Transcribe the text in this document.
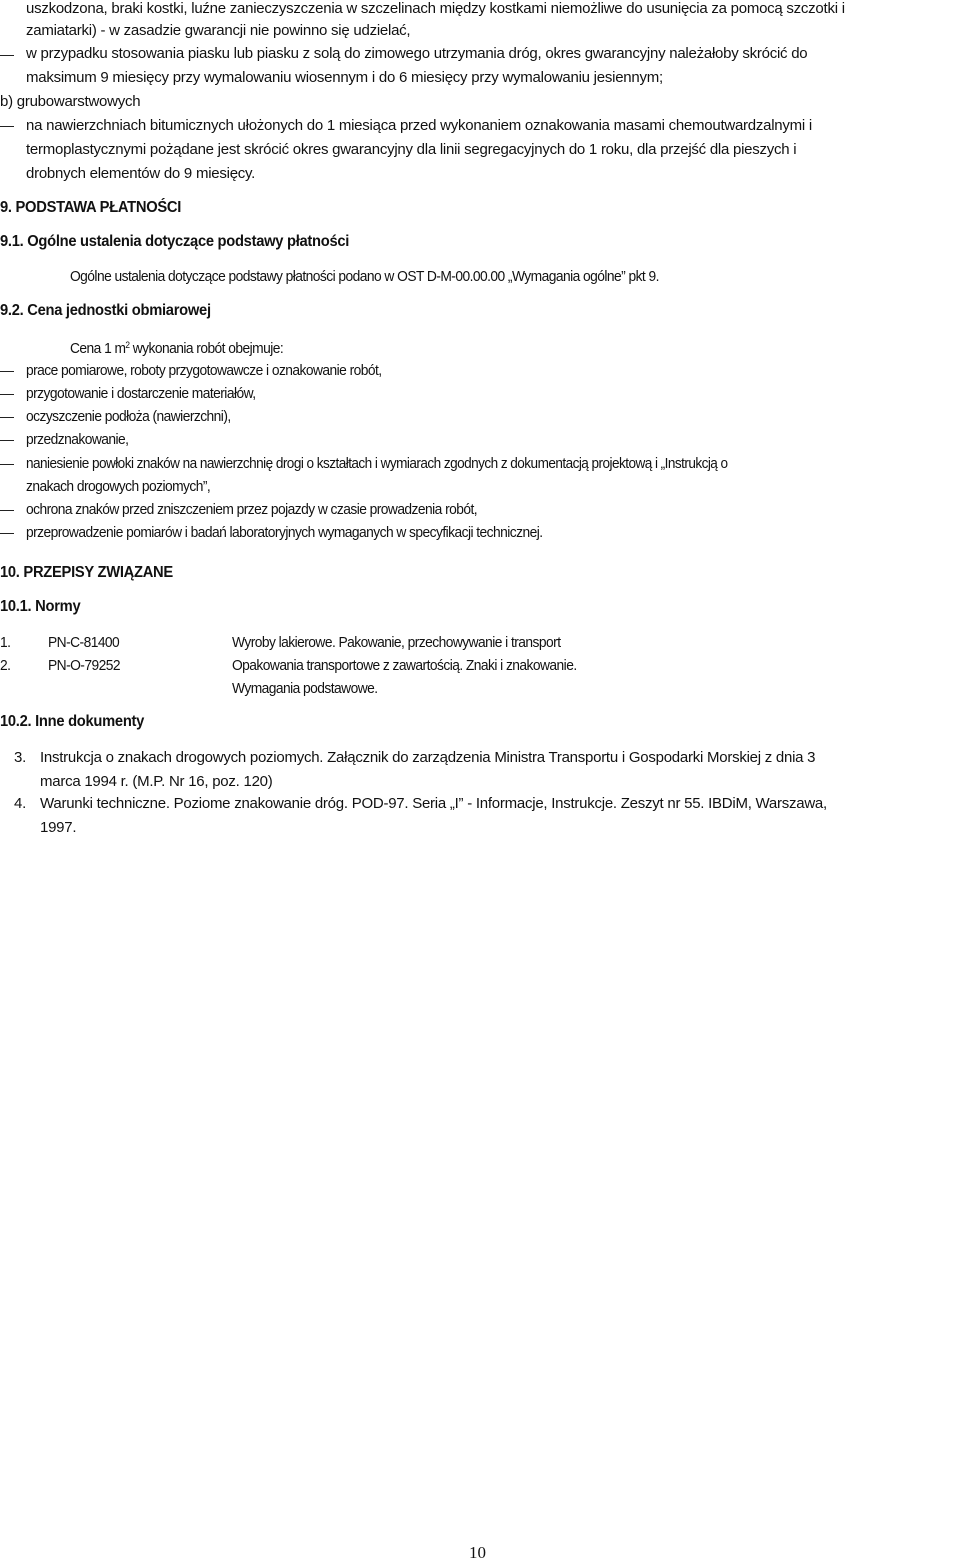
uszkodzona, braki kostki, luźne zanieczyszczenia w szczelinach między kostkami niemożliwe do usunięcia za pomocą szczotki i
zamiatarki) - w zasadzie gwarancji nie powinno się udzielać,
w przypadku stosowania piasku lub piasku z solą do zimowego utrzymania dróg, okres gwarancyjny należałoby skrócić do
maksimum 9 miesięcy przy wymalowaniu wiosennym i do 6 miesięcy przy wymalowaniu jesiennym;
b) grubowarstwowych
na nawierzchniach bitumicznych ułożonych do 1 miesiąca przed wykonaniem oznakowania masami chemoutwardzalnymi i
termoplastycznymi pożądane jest skrócić okres gwarancyjny dla linii segregacyjnych do 1 roku, dla przejść dla pieszych i
drobnych elementów do 9 miesięcy.
9. PODSTAWA PŁATNOŚCI
9.1. Ogólne ustalenia dotyczące podstawy płatności
Ogólne ustalenia dotyczące podstawy płatności podano w OST D-M-00.00.00 „Wymagania ogólne” pkt 9.
9.2. Cena jednostki obmiarowej
Cena 1 $m^2$ wykonania robót obejmuje:
prace pomiarowe, roboty przygotowawcze i oznakowanie robót,
przygotowanie i dostarczenie materiałów,
oczyszczenie podłoża (nawierzchni),
przedznakowanie,
naniesienie powłoki znaków na nawierzchnię drogi o kształtach i wymiarach zgodnych z dokumentacją projektową i „Instrukcją o
znakach drogowych poziomych”,
ochrona znaków przed zniszczeniem przez pojazdy w czasie prowadzenia robót,
przeprowadzenie pomiarów i badań laboratoryjnych wymaganych w specyfikacji technicznej.
10. PRZEPISY ZWIĄZANE
10.1. Normy
1.	PN-C-81400	Wyroby lakierowe. Pakowanie, przechowywanie i transport
2.	PN-O-79252	Opakowania transportowe z zawartością. Znaki i znakowanie.
Wymagania podstawowe.
10.2. Inne dokumenty
3. Instrukcja o znakach drogowych poziomych. Załącznik do zarządzenia Ministra Transportu i Gospodarki Morskiej z dnia 3
marca 1994 r. (M.P. Nr 16, poz. 120)
4. Warunki techniczne. Poziome znakowanie dróg. POD-97. Seria „I” - Informacje, Instrukcje. Zeszyt nr 55. IBDiM, Warszawa,
1997.
10
